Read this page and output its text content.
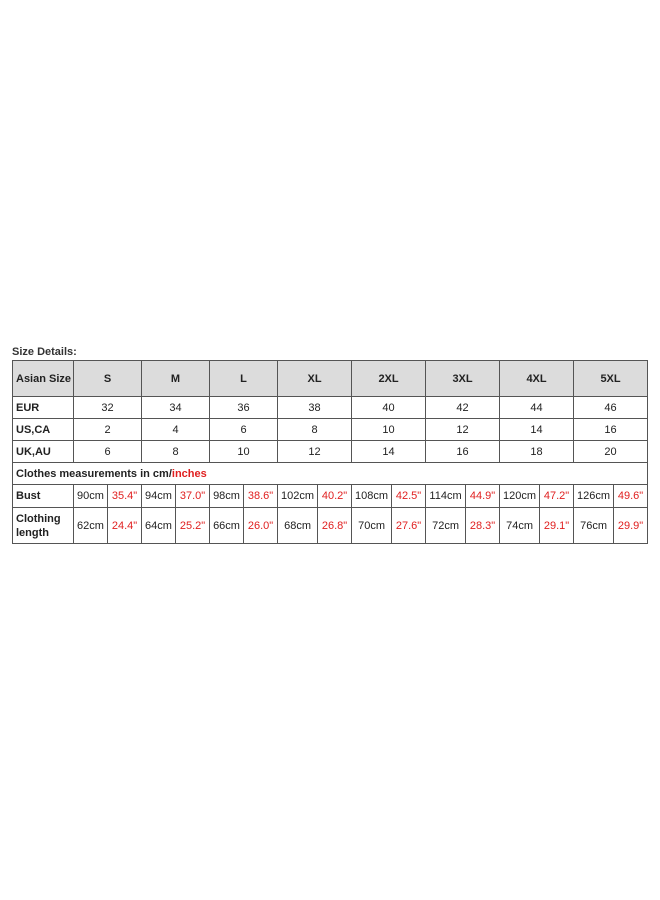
Size Details:
Asian Size	S		M		L		XL		2XL		3XL		4XL		5XL	
EUR	32		34		36		38		40		42		44		46	
US,CA	2		4		6		8		10		12		14		16	
UK,AU	6		8		10		12		14		16		18		20	
Clothes measurements in cm/inches																
Bust	90cm	35.4"	94cm	37.0"	98cm	38.6"	102cm	40.2"	108cm	42.5"	114cm	44.9"	120cm	47.2"	126cm	49.6"
Clothing length	62cm	24.4"	64cm	25.2"	66cm	26.0"	68cm	26.8"	70cm	27.6"	72cm	28.3"	74cm	29.1"	76cm	29.9"
